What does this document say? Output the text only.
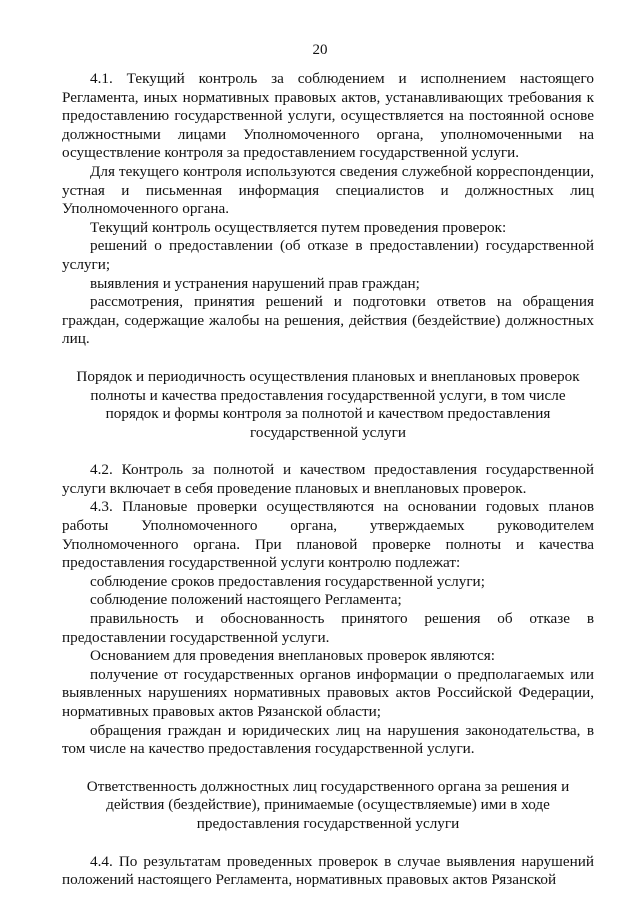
20

4.1. Текущий контроль за соблюдением и исполнением настоящего Регламента, иных нормативных правовых актов, устанавливающих требования к предоставлению государственной услуги, осуществляется на постоянной основе должностными лицами Уполномоченного органа, уполномоченными на осуществление контроля за предоставлением государственной услуги.

Для текущего контроля используются сведения служебной корреспонденции, устная и письменная информация специалистов и должностных лиц Уполномоченного органа.

Текущий контроль осуществляется путем проведения проверок:

решений о предоставлении (об отказе в предоставлении) государственной услуги;

выявления и устранения нарушений прав граждан;

рассмотрения, принятия решений и подготовки ответов на обращения граждан, содержащие жалобы на решения, действия (бездействие) должностных лиц.

Порядок и периодичность осуществления плановых и внеплановых проверок полноты и качества предоставления государственной услуги, в том числе порядок и формы контроля за полнотой и качеством предоставления государственной услуги

4.2. Контроль за полнотой и качеством предоставления государственной услуги включает в себя проведение плановых и внеплановых проверок.

4.3. Плановые проверки осуществляются на основании годовых планов работы Уполномоченного органа, утверждаемых руководителем Уполномоченного органа. При плановой проверке полноты и качества предоставления государственной услуги контролю подлежат:

соблюдение сроков предоставления государственной услуги;

соблюдение положений настоящего Регламента;

правильность и обоснованность принятого решения об отказе в предоставлении государственной услуги.

Основанием для проведения внеплановых проверок являются:

получение от государственных органов информации о предполагаемых или выявленных нарушениях нормативных правовых актов Российской Федерации, нормативных правовых актов Рязанской области;

обращения граждан и юридических лиц на нарушения законодательства, в том числе на качество предоставления государственной услуги.

Ответственность должностных лиц государственного органа за решения и действия (бездействие), принимаемые (осуществляемые) ими в ходе предоставления государственной услуги

4.4. По результатам проведенных проверок в случае выявления нарушений положений настоящего Регламента, нормативных правовых актов Рязанской
